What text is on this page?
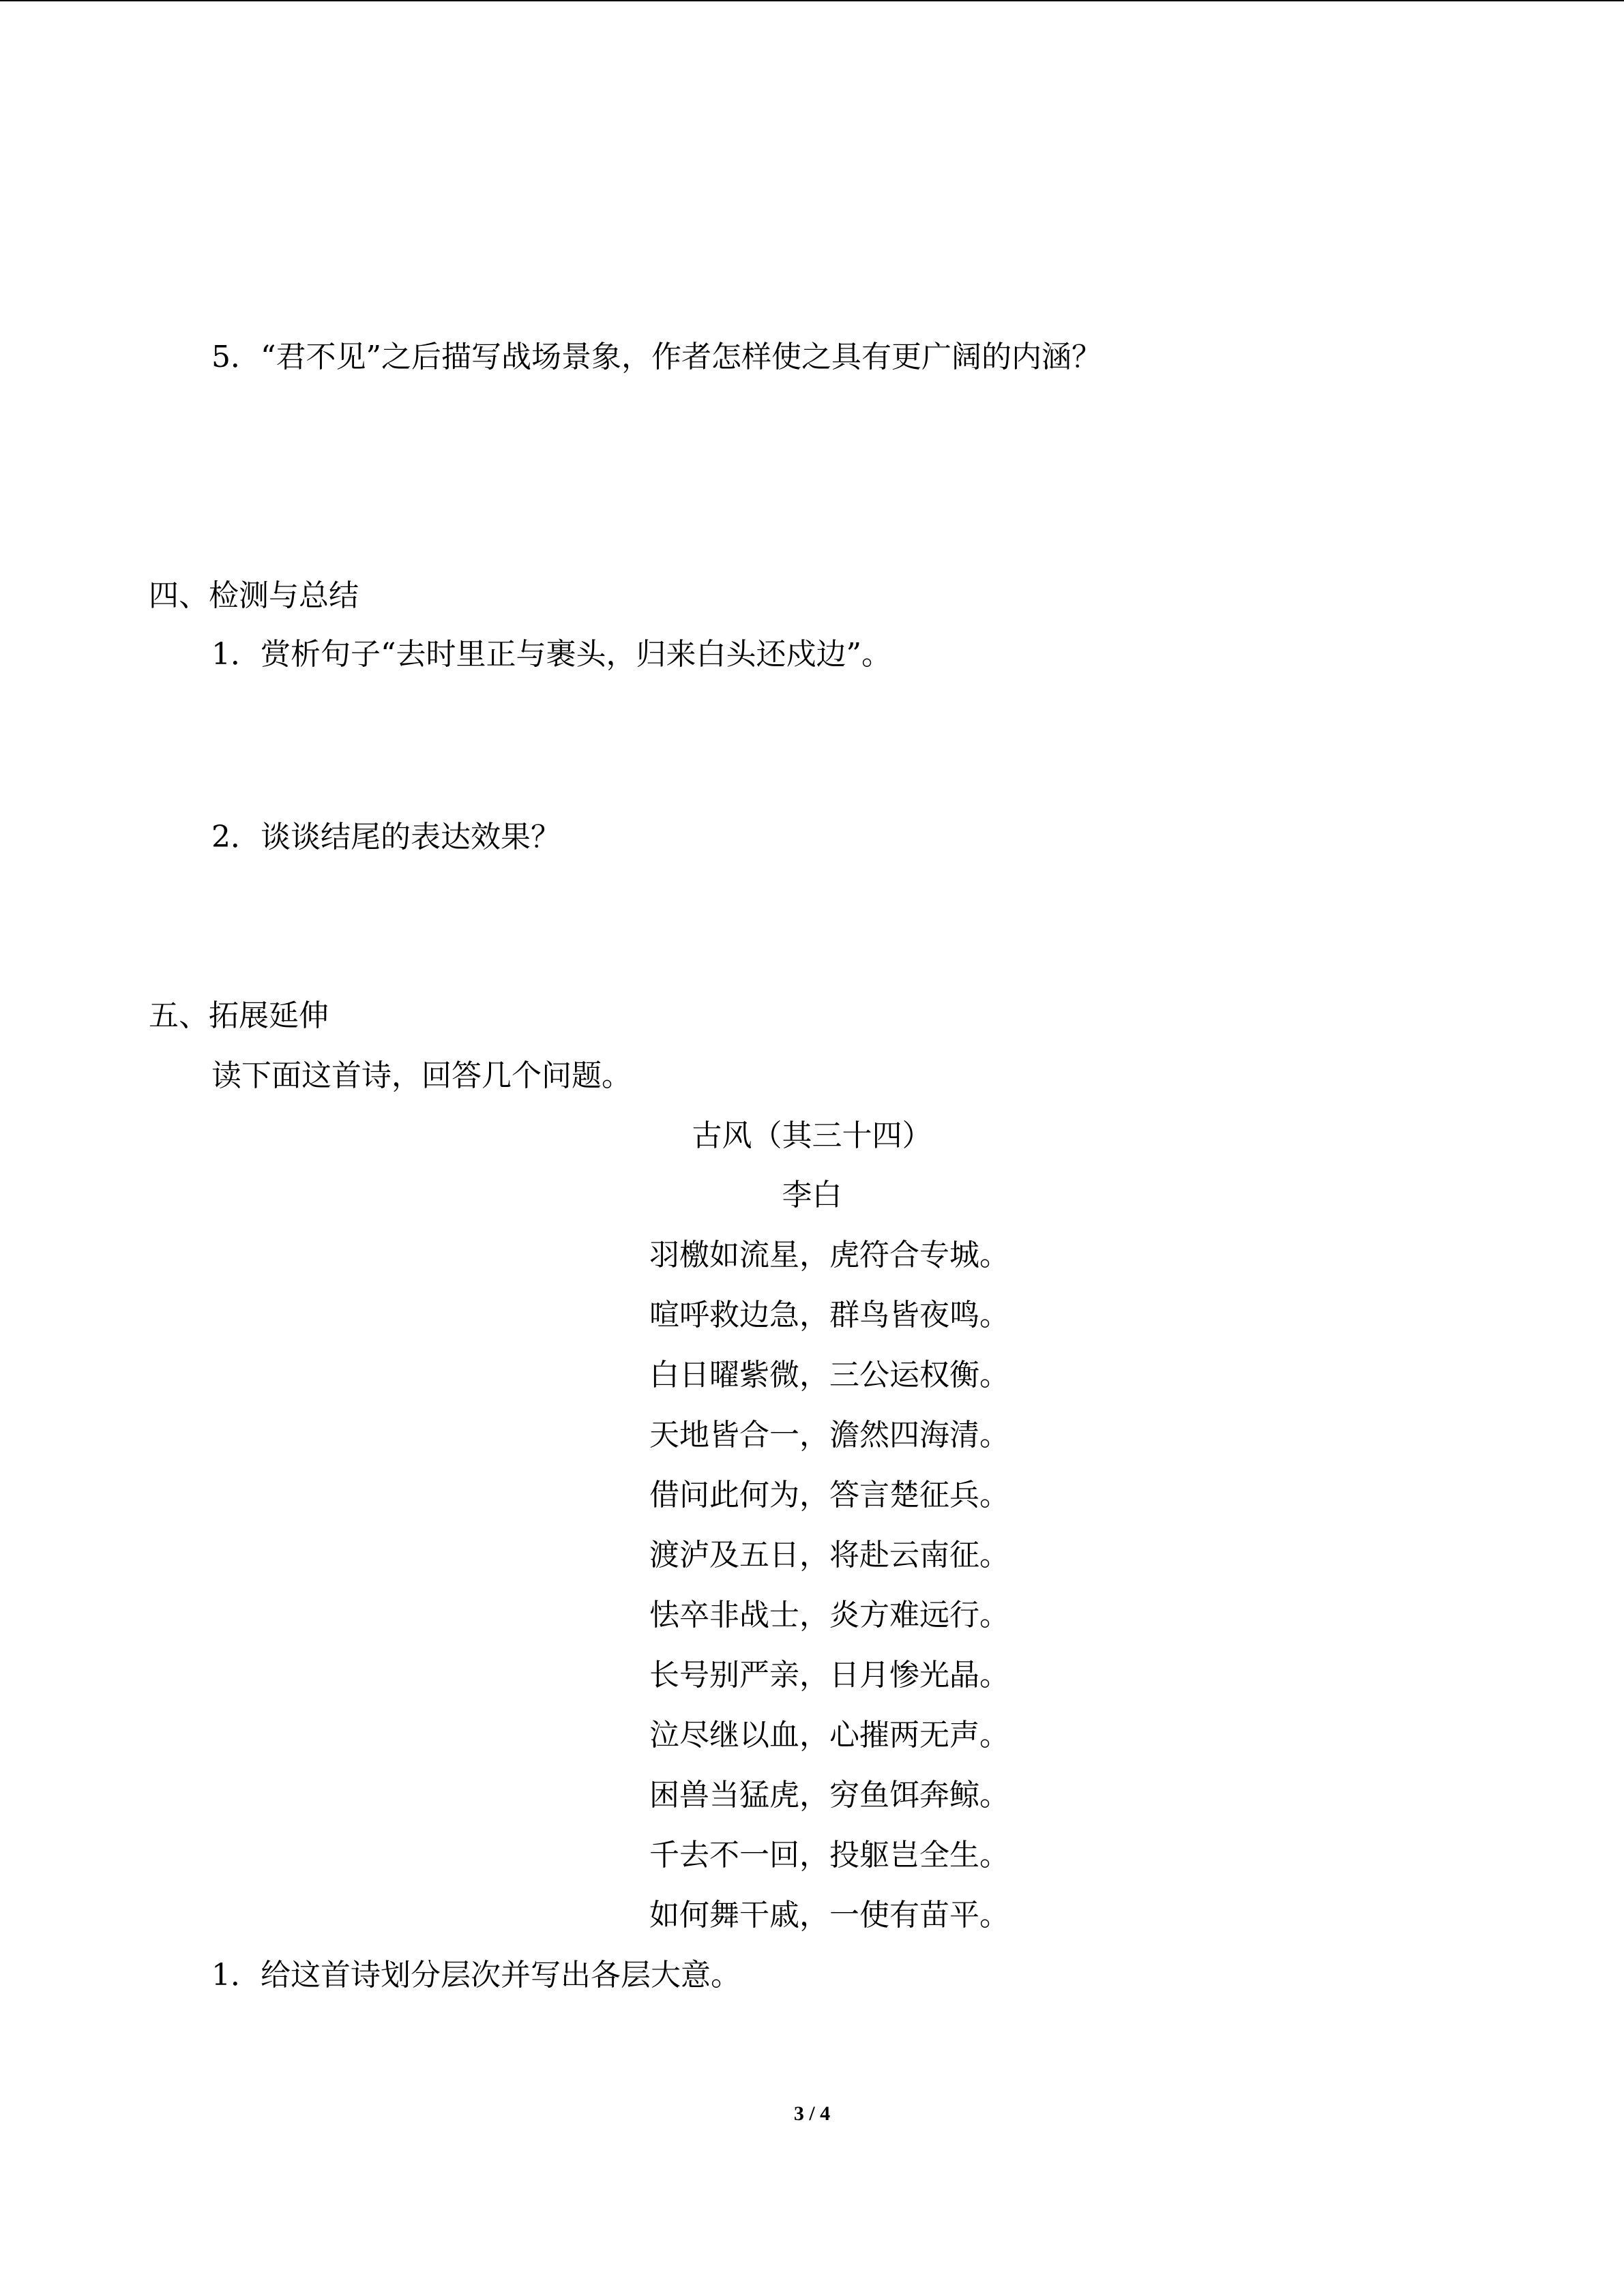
5．“君不见”之后描写战场景象，作者怎样使之具有更广阔的内涵？
四、检测与总结
1．赏析句子“去时里正与裹头，归来白头还戍边”。
2．谈谈结尾的表达效果？
五、拓展延伸
读下面这首诗，回答几个问题。
古风（其三十四）
李白
羽檄如流星，虎符合专城。
喧呼救边急，群鸟皆夜鸣。
白日曜紫微，三公运权衡。
天地皆合一，澹然四海清。
借问此何为，答言楚征兵。
渡泸及五日，将赴云南征。
怯卒非战士，炎方难远行。
长号别严亲，日月惨光晶。
泣尽继以血，心摧两无声。
困兽当猛虎，穷鱼饵奔鲸。
千去不一回，投躯岂全生。
如何舞干戚，一使有苗平。
1．给这首诗划分层次并写出各层大意。
3 / 4
